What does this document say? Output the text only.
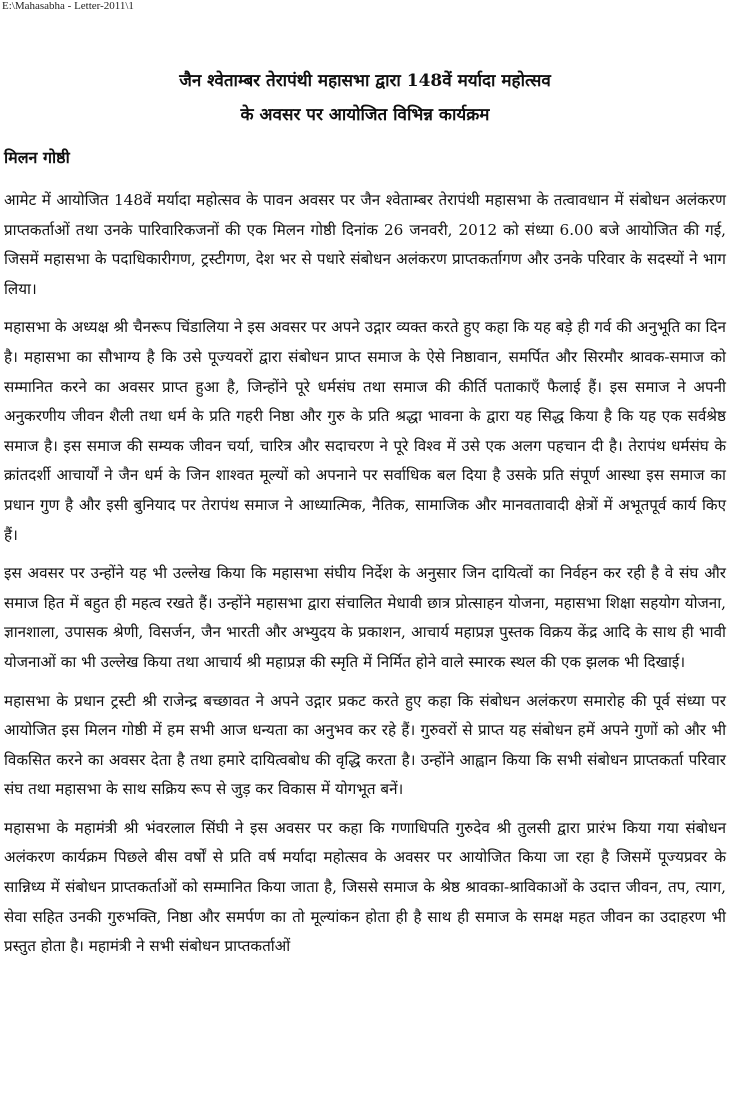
E:\Mahasabha - Letter-2011\1
जैन श्वेताम्बर तेरापंथी महासभा द्वारा 148वें मर्यादा महोत्सव
के अवसर पर आयोजित विभिन्न कार्यक्रम
मिलन गोष्ठी

आमेट में आयोजित 148वें मर्यादा महोत्सव के पावन अवसर पर जैन श्वेताम्बर तेरापंथी महासभा के तत्वावधान में संबोधन अलंकरण प्राप्तकर्ताओं तथा उनके पारिवारिकजनों की एक मिलन गोष्ठी दिनांक 26 जनवरी, 2012 को संध्या 6.00 बजे आयोजित की गई, जिसमें महासभा के पदाधिकारीगण, ट्रस्टीगण, देश भर से पधारे संबोधन अलंकरण प्राप्तकर्तागण और उनके परिवार के सदस्यों ने भाग लिया।

महासभा के अध्यक्ष श्री चैनरूप चिंडालिया ने इस अवसर पर अपने उद्गार व्यक्त करते हुए कहा कि यह बड़े ही गर्व की अनुभूति का दिन है। महासभा का सौभाग्य है कि उसे पूज्यवरों द्वारा संबोधन प्राप्त समाज के ऐसे निष्ठावान, समर्पित और सिरमौर श्रावक-समाज को सम्मानित करने का अवसर प्राप्त हुआ है, जिन्होंने पूरे धर्मसंघ तथा समाज की कीर्ति पताकाएँ फैलाई हैं। इस समाज ने अपनी अनुकरणीय जीवन शैली तथा धर्म के प्रति गहरी निष्ठा और गुरु के प्रति श्रद्धा भावना के द्वारा यह सिद्ध किया है कि यह एक सर्वश्रेष्ठ समाज है। इस समाज की सम्यक जीवन चर्या, चारित्र और सदाचरण ने पूरे विश्व में उसे एक अलग पहचान दी है। तेरापंथ धर्मसंघ के क्रांतदर्शी आचार्यों ने जैन धर्म के जिन शाश्वत मूल्यों को अपनाने पर सर्वाधिक बल दिया है उसके प्रति संपूर्ण आस्था इस समाज का प्रधान गुण है और इसी बुनियाद पर तेरापंथ समाज ने आध्यात्मिक, नैतिक, सामाजिक और मानवतावादी क्षेत्रों में अभूतपूर्व कार्य किए हैं।

इस अवसर पर उन्होंने यह भी उल्लेख किया कि महासभा संघीय निर्देश के अनुसार जिन दायित्वों का निर्वहन कर रही है वे संघ और समाज हित में बहुत ही महत्व रखते हैं। उन्होंने महासभा द्वारा संचालित मेधावी छात्र प्रोत्साहन योजना, महासभा शिक्षा सहयोग योजना, ज्ञानशाला, उपासक श्रेणी, विसर्जन, जैन भारती और अभ्युदय के प्रकाशन, आचार्य महाप्रज्ञ पुस्तक विक्रय केंद्र आदि के साथ ही भावी योजनाओं का भी उल्लेख किया तथा आचार्य श्री महाप्रज्ञ की स्मृति में निर्मित होने वाले स्मारक स्थल की एक झलक भी दिखाई।

महासभा के प्रधान ट्रस्टी श्री राजेन्द्र बच्छावत ने अपने उद्गार प्रकट करते हुए कहा कि संबोधन अलंकरण समारोह की पूर्व संध्या पर आयोजित इस मिलन गोष्ठी में हम सभी आज धन्यता का अनुभव कर रहे हैं। गुरुवरों से प्राप्त यह संबोधन हमें अपने गुणों को और भी विकसित करने का अवसर देता है तथा हमारे दायित्वबोध की वृद्धि करता है। उन्होंने आह्वान किया कि सभी संबोधन प्राप्तकर्ता परिवार संघ तथा महासभा के साथ सक्रिय रूप से जुड़ कर विकास में योगभूत बनें।

महासभा के महामंत्री श्री भंवरलाल सिंघी ने इस अवसर पर कहा कि गणाधिपति गुरुदेव श्री तुलसी द्वारा प्रारंभ किया गया संबोधन अलंकरण कार्यक्रम पिछले बीस वर्षों से प्रति वर्ष मर्यादा महोत्सव के अवसर पर आयोजित किया जा रहा है जिसमें पूज्यप्रवर के सान्निध्य में संबोधन प्राप्तकर्ताओं को सम्मानित किया जाता है, जिससे समाज के श्रेष्ठ श्रावका-श्राविकाओं के उदात्त जीवन, तप, त्याग, सेवा सहित उनकी गुरुभक्ति, निष्ठा और समर्पण का तो मूल्यांकन होता ही है साथ ही समाज के समक्ष महत जीवन का उदाहरण भी प्रस्तुत होता है। महामंत्री ने सभी संबोधन प्राप्तकर्ताओं
